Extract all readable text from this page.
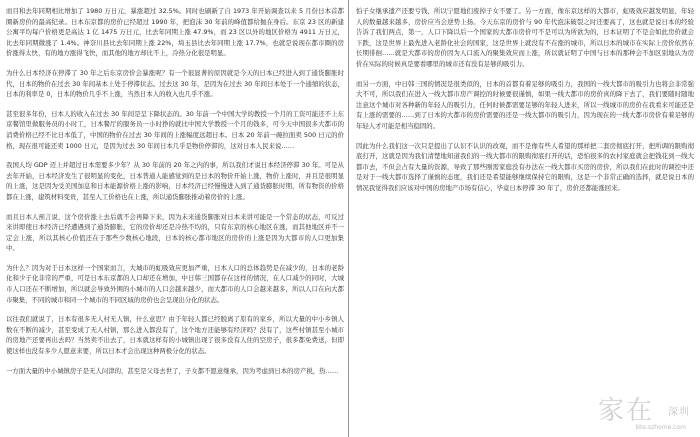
而目和去年同期相比增加了 1980 万日元，暴涨超过 32.5%。同时也刷新了自 1973 年开始调查以来 5 月份日本首都圈新房价的最高纪录。日本东京都的房价已经超过 1990 年，把泡沫 30 年前的峰值都给抛在身后。东京 23 区的新建公寓平均每户价格更是高达 1 亿 1475 万日元，比去年同期上涨 47.9%，而 23 区以外的地区价格为 4911 万日元，比去年同期微涨了 1.4%。神奈川县比去年同期上涨 22%，埼玉县比去年同期上涨 17.7%，也就是说现在都市圈的房价涨得太快，有的地方涨得飞快，而其他的地方却比不上，冷热分化很是明显。

为什么日本经济在停滞了 30 年之后东京房价会暴涨呢？有一个很显著的原因就是今天的日本已经进入到了通货膨胀时代，日本的物价在过去 30 年间基本上处于停滞状态。过去这 30 年，是因为在过去 30 年间日本处于一个通缩的状态，日本的利率是 0，日本的物价几乎不上涨，当然日本人的收入也几乎不涨。

甚至很多年份，日本人的收入在过去 30 年间是呈下降状态的。30 年前一个中国大学的教授一个月的工资可能还不上东京餐馆里做服务员的小时工，日本餐厅的服务员一小时挣的就比中国大学教授一个月的钱多，可今天中国很多大都市的消费价格已经不比日本低了，中国的物价在过去 30 年间的上涨幅度远超日本。日本 20 年前一碗拉面卖 500 日元的价格，现在很可能还卖 1000 日元，是因为过去 30 年间日本几乎是物价停滞的，这对日本人民来说……

我国人均 GDP 迈上并超过日本需要多少年？从 30 年前的 20 年之内的事，所以我们才说日本经济停滞 30 年。可是从去年开始，日本经济发生了很明显的变化，日本普通人能感觉到的是日本的物价开始上涨，物价上涨时，并且是很明显的上涨，这是因为受美国加息和日本能源价格上涨的影响，日本经济已经慢慢进入到了通货膨胀时期，所有物资的价格都在上涨，建筑材料变贵，甚至人工价格也在上涨，所以通货膨胀推动着房价的上涨。

而且日本人预言说，这个房价涨上去后就不会再降下来，因为未来通货膨胀对日本来讲可能是一个常态的状态，可反过来讲即使日本经济已经遭遇到了通货膨胀，它的房价却还是冷热不均的，只有东京的核心地区在涨，而其他地区并不一定会上涨，所以其核心价值还在于那些少数核心地段，日本的核心都市地区的房价的上涨是因为大都市的人口更加集中。

为什么？因为对于日本这样一个国家而言，大城市的虹吸效应更加严重，日本人口的总体趋势是在减少的，日本的老龄化和少子化非常的严重，可是日本东京都的人口却还在增加，中日韩三国都存在这样的情况，在人口减少的同时，大城市人口还在不断增加，所以就会导致外围的小城市的人口会越来越少，而大都市的人口会越来越多，所以人口在向大都市聚集，不同的城市和同一个城市的不同区域的房价也会呈现出分化的状态。

以往我们就说了，日本有很多无人村无人镇，什么意思？由于年轻人都已经脱离了原有的家乡，所以大量的中小乡镇人数在不断的减少，甚至变成了无人村镇，那么进入都没有了，这个地方还能够有经济吗？没有了，这些村镇甚至小城市的房地产还要再出去吗？当然卖不出去了，日本就这样有的小城镇出现了很多没有人住的空房子，很多都免费送，但即使这样也没有多少人愿意来要，所以日本才会出现这种两极分化的状态。

一方面大量的中小城镇房子是无人问津的，甚至是父母去世了，子女都不愿意继承，因为考虑到日本的房产税，热……

怕子女继承遗产还要亏钱，所以宁愿地们废掉子女不要了。另一方面，像东京这样的大都市，虹吸效应越发明显，年轻人的数量越来越多，房价应当会逆势上扬。今天东京的房价与 90 年代泡沫破裂之时还要高了，这也就是说日本的经验告诉了我们两点，第一，人口下降以后一个国家的大都市房价可不是可以为所欲为的，日本证明了不是会如此房价就会下跌，这是世界上最先进入老龄化社会的国家，这是世界上就没有不在涨的城市，所以日本的城市在实际上房价依然在长期徘徊……就是大都市的房价因为人口流入的聚集效应而上涨，所以就证明了中国与日本的那种会不加区别地认为房价在实际的时候真是要看哪里的城市还有没有足够的吸引力。

而另一方面，中日韩三国的情况是很类似的，日本的首都有着足够的吸引力，我国的一线大都市的吸引力也将会非常强大不可，所以我们在进入一线大都市房产调控的时候要很谨慎，如果一线大都市的房价真的降下去了，我们要随时随地注意这个城市对各种新的年轻人的吸引力，任何时候都需要足够的年轻人进来，所以一线城市的房价在我看来可能还是有上涨的需要的……到了日本的大都市的房价需要的还是一线大都市的吸引力，因为现在的一线大都市房价有着足够的年轻人才可能是相当稳固的。

因此为什么我们这一次只是提出了认识不认识的改观，而不是像有些人希望的那样把二套房彻底打开，把所调的限购彻底打开，这就是因为我们清楚地知道我们的一线大都市的限购彻底打开的话，恐怕很多的农村家庭就会把钱花到一线大都市去，不但会占有大量的资源，导致了那些刚需家庭没有办法在一线大都市买房的房价，所以我们在此时的调控中还是对于一线大都市选择了谨慎的态度，我们还是希望能够继续保持它的限购，这是一个非常正确的选择，就是说日本的情况我觉得我们应该对中国的房地产市场有信心，毕竟日本停滞 30 年了，房价还都能涨回来。

家在 深圳
bbs.szhome.com
